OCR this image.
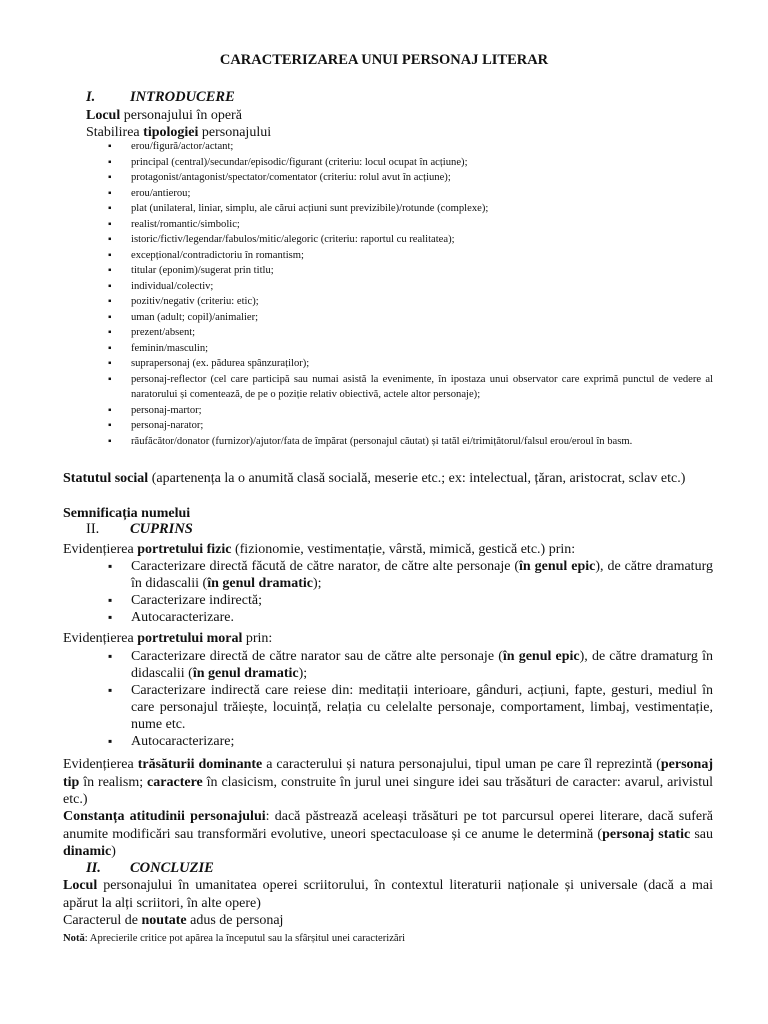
CARACTERIZAREA UNUI PERSONAJ LITERAR
I. INTRODUCERE
Locul personajului în operă
Stabilirea tipologiei personajului
▪ erou/figură/actor/actant;
▪ principal (central)/secundar/episodic/figurant (criteriu: locul ocupat în acțiune);
▪ protagonist/antagonist/spectator/comentator (criteriu: rolul avut în acțiune);
▪ erou/antierou;
▪ plat (unilateral, liniar, simplu, ale cărui acțiuni sunt previzibile)/rotunde (complexe);
▪ realist/romantic/simbolic;
▪ istoric/fictiv/legendar/fabulos/mitic/alegoric (criteriu: raportul cu realitatea);
▪ excepțional/contradictoriu în romantism;
▪ titular (eponim)/sugerat prin titlu;
▪ individual/colectiv;
▪ pozitiv/negativ (criteriu: etic);
▪ uman (adult; copil)/animalier;
▪ prezent/absent;
▪ feminin/masculin;
▪ suprapersonaj (ex. pădurea spânzuraților);
▪ personaj-reflector (cel care participă sau numai asistă la evenimente, în ipostaza unui observator care exprimă punctul de vedere al naratorului și comentează, de pe o poziție relativ obiectivă, actele altor personaje);
▪ personaj-martor;
▪ personaj-narator;
▪ răufăcător/donator (furnizor)/ajutor/fata de împărat (personajul căutat) și tatăl ei/trimițătorul/falsul erou/eroul în basm.
Statutul social (apartenența la o anumită clasă socială, meserie etc.; ex: intelectual, țăran, aristocrat, sclav etc.)
Semnificația numelui
II. CUPRINS
Evidențierea portretului fizic (fizionomie, vestimentație, vârstă, mimică, gestică etc.) prin:
▪ Caracterizare directă făcută de către narator, de către alte personaje (în genul epic), de către dramaturg în didascalii (în genul dramatic);
▪ Caracterizare indirectă;
▪ Autocaracterizare.
Evidențierea portretului moral prin:
▪ Caracterizare directă de către narator sau de către alte personaje (în genul epic), de către dramaturg în didascalii (în genul dramatic);
▪ Caracterizare indirectă care reiese din: meditații interioare, gânduri, acțiuni, fapte, gesturi, mediul în care personajul trăiește, locuință, relația cu celelalte personaje, comportament, limbaj, vestimentație, nume etc.
▪ Autocaracterizare;
Evidențierea trăsăturii dominante a caracterului și natura personajului, tipul uman pe care îl reprezintă (personaj tip în realism; caractere în clasicism, construite în jurul unei singure idei sau trăsături de caracter: avarul, arivistul etc.)
Constanța atitudinii personajului: dacă păstrează aceleași trăsături pe tot parcursul operei literare, dacă suferă anumite modificări sau transformări evolutive, uneori spectaculoase și ce anume le determină (personaj static sau dinamic)
II. CONCLUZIE
Locul personajului în umanitatea operei scriitorului, în contextul literaturii naționale și universale (dacă a mai apărut la alți scriitori, în alte opere)
Caracterul de noutate adus de personaj
Notă: Aprecierile critice pot apărea la începutul sau la sfârșitul unei caracterizări
